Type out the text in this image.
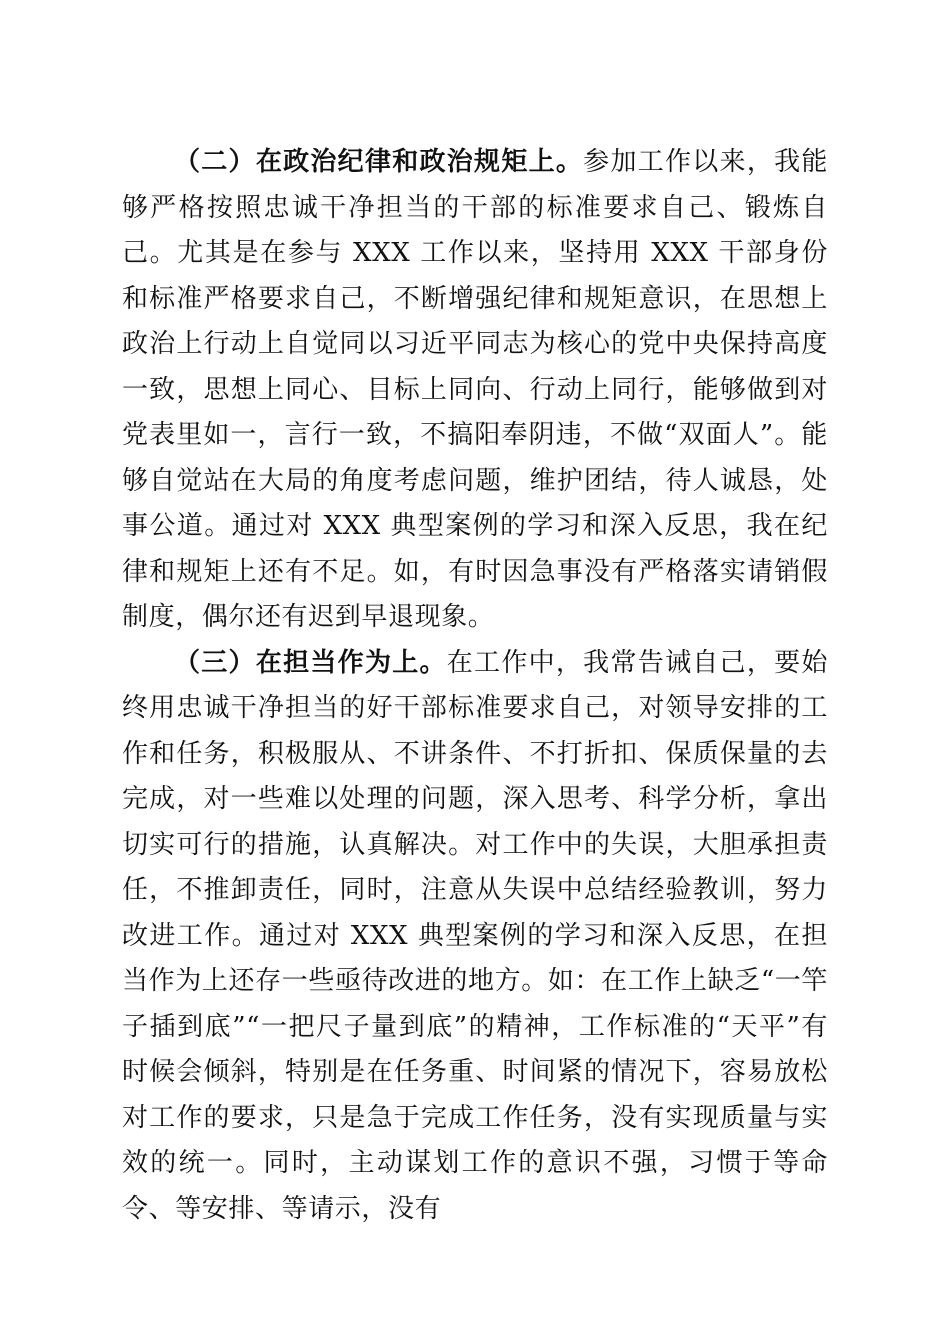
（二）在政治纪律和政治规矩上。参加工作以来，我能够严格按照忠诚干净担当的干部的标准要求自己、锻炼自己。尤其是在参与 XXX 工作以来，坚持用 XXX 干部身份和标准严格要求自己，不断增强纪律和规矩意识，在思想上政治上行动上自觉同以习近平同志为核心的党中央保持高度一致，思想上同心、目标上同向、行动上同行，能够做到对党表里如一，言行一致，不搞阳奉阴违，不做“双面人”。能够自觉站在大局的角度考虑问题，维护团结，待人诚恳，处事公道。通过对 XXX 典型案例的学习和深入反思，我在纪律和规矩上还有不足。如，有时因急事没有严格落实请销假制度，偶尔还有迟到早退现象。

（三）在担当作为上。在工作中，我常告诫自己，要始终用忠诚干净担当的好干部标准要求自己，对领导安排的工作和任务，积极服从、不讲条件、不打折扣、保质保量的去完成，对一些难以处理的问题，深入思考、科学分析，拿出切实可行的措施，认真解决。对工作中的失误，大胆承担责任，不推卸责任，同时，注意从失误中总结经验教训，努力改进工作。通过对 XXX 典型案例的学习和深入反思，在担当作为上还存一些亟待改进的地方。如：在工作上缺乏“一竿子插到底”“一把尺子量到底”的精神，工作标准的“天平”有时候会倾斜，特别是在任务重、时间紧的情况下，容易放松对工作的要求，只是急于完成工作任务，没有实现质量与实效的统一。同时，主动谋划工作的意识不强，习惯于等命令、等安排、等请示，没有
